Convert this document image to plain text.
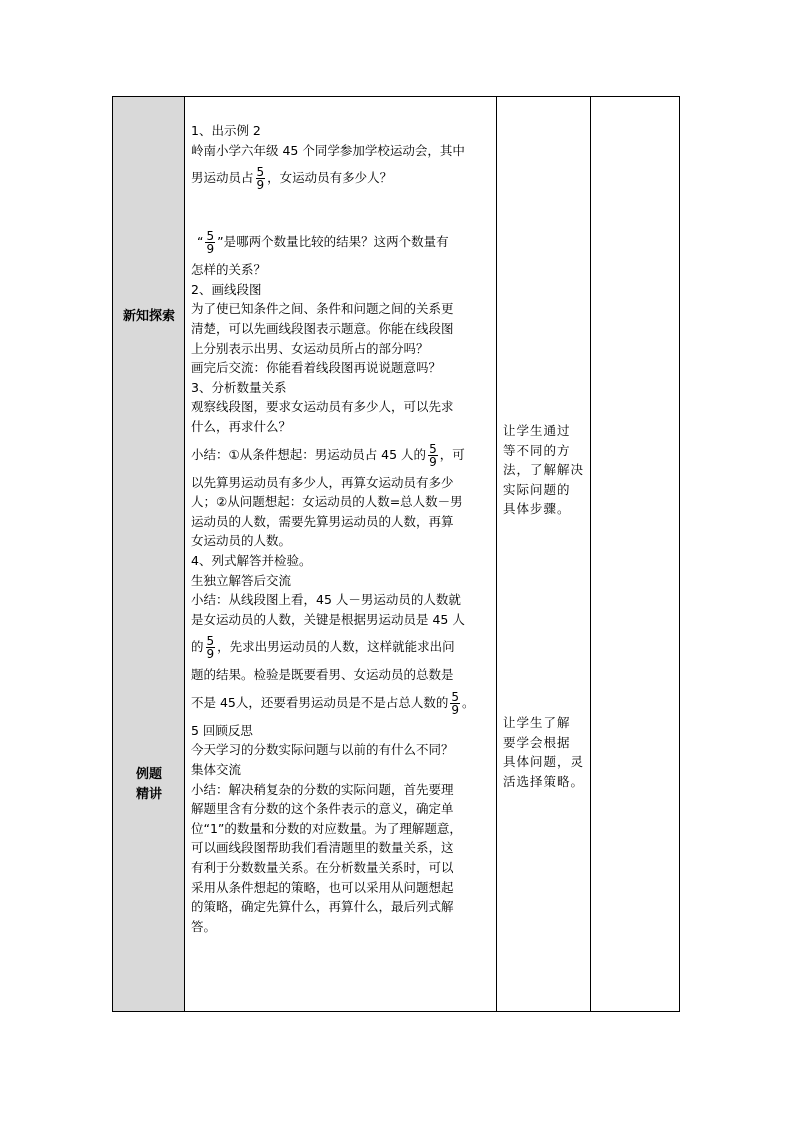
新知探索
例题
精讲

1、出示例 2

岭南小学六年级 45 个同学参加学校运动会，其中

男运动员占 $\frac{5}{9}$ ，女运动员有多少人？

“ $\frac{5}{9}$ ”是哪两个数量比较的结果？这两个数量有

怎样的关系？

2、画线段图

为了使已知条件之间、条件和问题之间的关系更

清楚，可以先画线段图表示题意。你能在线段图

上分别表示出男、女运动员所占的部分吗？

画完后交流：你能看着线段图再说说题意吗？

3、分析数量关系

观察线段图，要求女运动员有多少人，可以先求

什么，再求什么？

小结：①从条件想起：男运动员占 45 人的 $\frac{5}{9}$ ，可

以先算男运动员有多少人，再算女运动员有多少

人；②从问题想起：女运动员的人数=总人数－男

运动员的人数，需要先算男运动员的人数，再算

女运动员的人数。

4、列式解答并检验。

生独立解答后交流

小结：从线段图上看，45 人－男运动员的人数就

是女运动员的人数，关键是根据男运动员是 45 人

的 $\frac{5}{9}$ ，先求出男运动员的人数，这样就能求出问

题的结果。检验是既要看男、女运动员的总数是

不是 45人，还要看男运动员是不是占总人数的 $\frac{5}{9}$ 。

5 回顾反思

今天学习的分数实际问题与以前的有什么不同？

集体交流

小结：解决稍复杂的分数的实际问题，首先要理

解题里含有分数的这个条件表示的意义，确定单

位“1”的数量和分数的对应数量。为了理解题意，

可以画线段图帮助我们看清题里的数量关系，这

有利于分数数量关系。在分析数量关系时，可以

采用从条件想起的策略，也可以采用从问题想起

的策略，确定先算什么，再算什么，最后列式解

答。

让学生通过
等不同的方
法，了解解决
实际问题的
具体步骤。
让学生了解
要学会根据
具体问题，灵
活选择策略。
